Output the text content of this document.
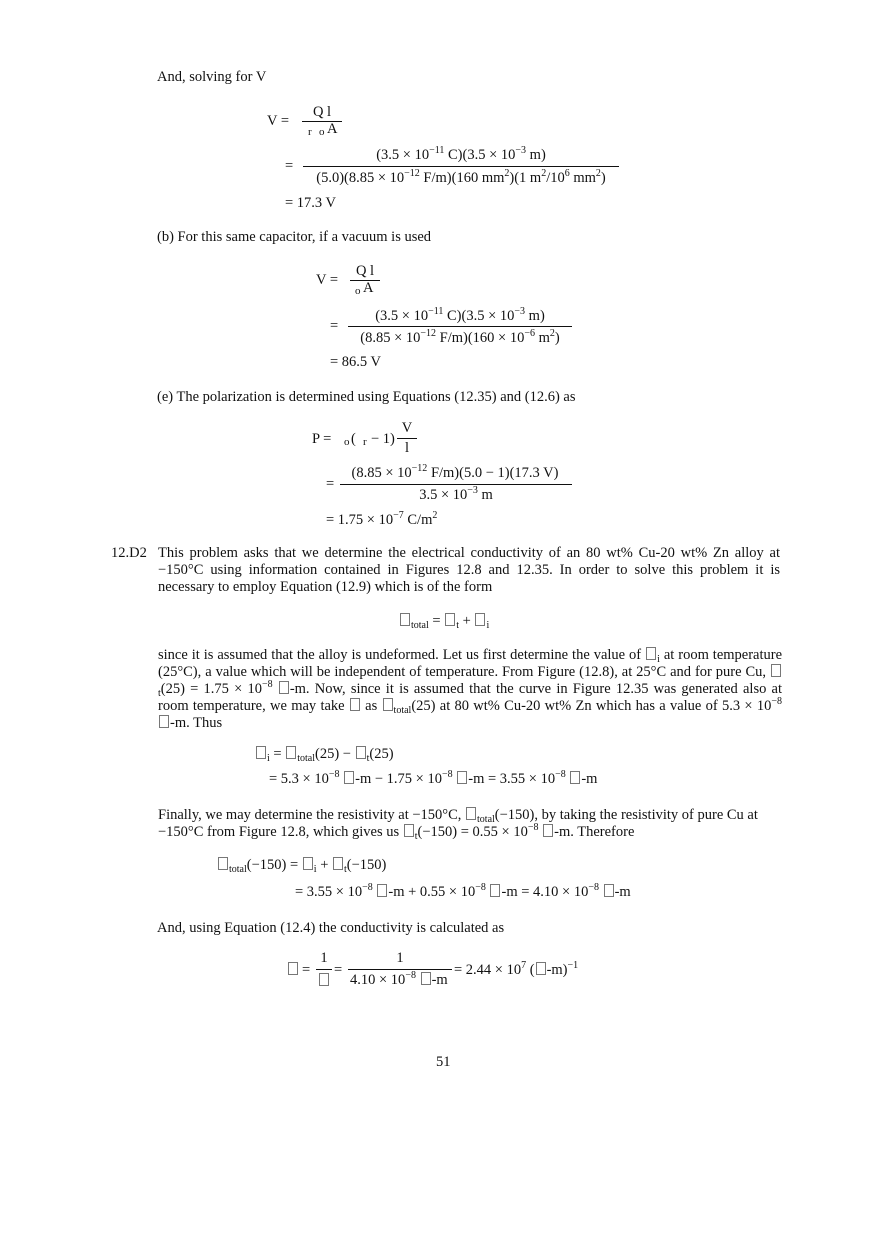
And, solving for V
V =
Q l
r o A
=
($3.5 \times 10^{-11}$ $C)(3.5 \times 10^{-3}$ m)
$(5.0)(8.85 \times 10^{-12}$ F/m)(160 $mm^2)(1$ $m^2/10^6$ $mm^2$)
= 17.3 V
(b) For this same capacitor, if a vacuum is used
V =
Q l
o A
=
($3.5 \times 10^{-11}$ $C)(3.5 \times 10^{-3}$ m)
($8.85 \times 10^{-12}$ $F/m)(160 \times 10^{-6}$ $m^2$)
= 86.5 V
(e) The polarization is determined using Equations (12.35) and (12.6) as
P = o ( r − 1)
V
l
=
($8.85 \times 10^{-12}$ F/m)(5.0 − 1)(17.3 V)
$3.5 \times 10^{-3}$ m
= $1.75 \times 10^{-7}$ $C/m^2$
12.D2 This problem asks that we determine the electrical conductivity of an 80 wt% Cu-20 wt% Zn alloy at −150°C using information contained in Figures 12.8 and 12.35. In order to solve this problem it is necessary to employ Equation (12.9) which is of the form
$_{total}$ = $_t$ + $_i$
since it is assumed that the alloy is undeformed. Let us first determine the value of $_i$ at room temperature (25°C), a value which will be independent of temperature. From Figure (12.8), at 25°C and for pure Cu, $_t(25) = 1.75 \times 10^{-8}$ -m. Now, since it is assumed that the curve in Figure 12.35 was generated also at room temperature, we may take as $_{total}$(25) at 80 wt% Cu-20 wt% Zn which has a value of $5.3 \times 10^{-8}$ -m. Thus
$_i$ = $_{total}$(25) − $_t$(25)
= $5.3 \times 10^{-8}$ $-m - 1.75 \times 10^{-8}$ $-m = 3.55 \times 10^{-8}$ -m
Finally, we may determine the resistivity at −150°C, $_{total}$(−150), by taking the resistivity of pure Cu at −150°C from Figure 12.8, which gives us $_t(-150) = 0.55 \times 10^{-8}$ -m. Therefore
$_{total}$(−150) = $_i$ + $_t$(−150)
= $3.55 \times 10^{-8}$ $-m + 0.55 \times 10^{-8}$ $-m = 4.10 \times 10^{-8}$ -m
And, using Equation (12.4) the conductivity is calculated as
=
1
=
1
$4.10 \times 10^{-8}$ -m
= $2.44 \times 10^7$ ( -m)$^{-1}$
51
